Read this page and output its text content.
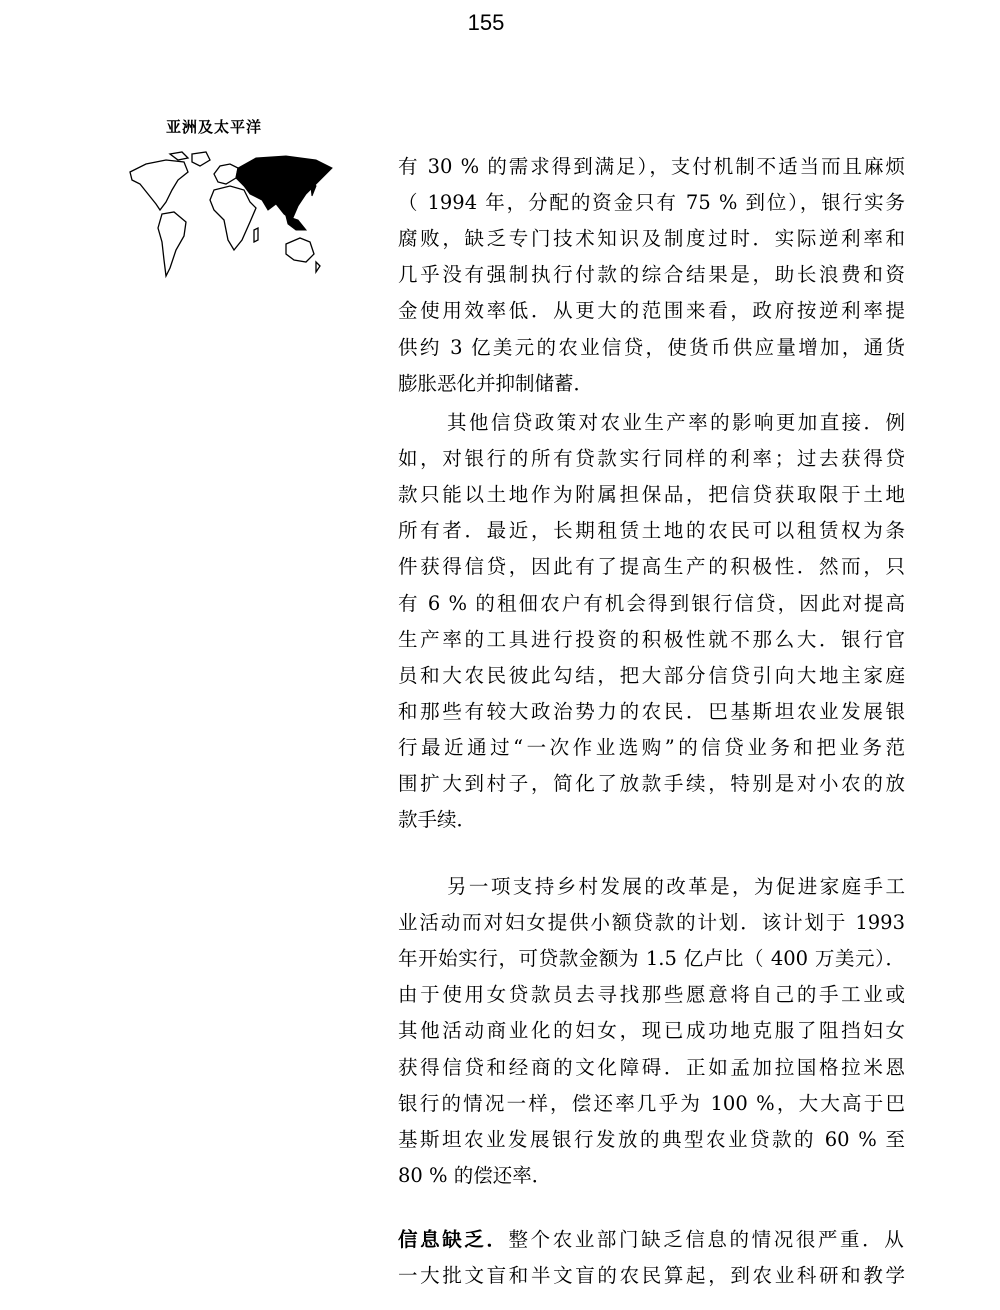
155
亚洲及太平洋
有 30 % 的需求得到满足），支付机制不适当而且麻烦
（ 1994 年，分配的资金只有 75 % 到位），银行实务
腐败，缺乏专门技术知识及制度过时．实际逆利率和
几乎没有强制执行付款的综合结果是，助长浪费和资
金使用效率低．从更大的范围来看，政府按逆利率提
供约 3 亿美元的农业信贷，使货币供应量增加，通货
膨胀恶化并抑制储蓄．
其他信贷政策对农业生产率的影响更加直接．例
如，对银行的所有贷款实行同样的利率；过去获得贷
款只能以土地作为附属担保品，把信贷获取限于土地
所有者．最近，长期租赁土地的农民可以租赁权为条
件获得信贷，因此有了提高生产的积极性．然而，只
有 6 % 的租佃农户有机会得到银行信贷，因此对提高
生产率的工具进行投资的积极性就不那么大．银行官
员和大农民彼此勾结，把大部分信贷引向大地主家庭
和那些有较大政治势力的农民．巴基斯坦农业发展银
行最近通过“一次作业选购”的信贷业务和把业务范
围扩大到村子，简化了放款手续，特别是对小农的放
款手续．
另一项支持乡村发展的改革是，为促进家庭手工
业活动而对妇女提供小额贷款的计划．该计划于 1993
年开始实行，可贷款金额为 1.5 亿卢比（ 400 万美元）．
由于使用女贷款员去寻找那些愿意将自己的手工业或
其他活动商业化的妇女，现已成功地克服了阻挡妇女
获得信贷和经商的文化障碍．正如孟加拉国格拉米恩
银行的情况一样，偿还率几乎为 100 %，大大高于巴
基斯坦农业发展银行发放的典型农业贷款的 60 % 至
80 % 的偿还率．
信息缺乏．整个农业部门缺乏信息的情况很严重．从
一大批文盲和半文盲的农民算起，到农业科研和教学
